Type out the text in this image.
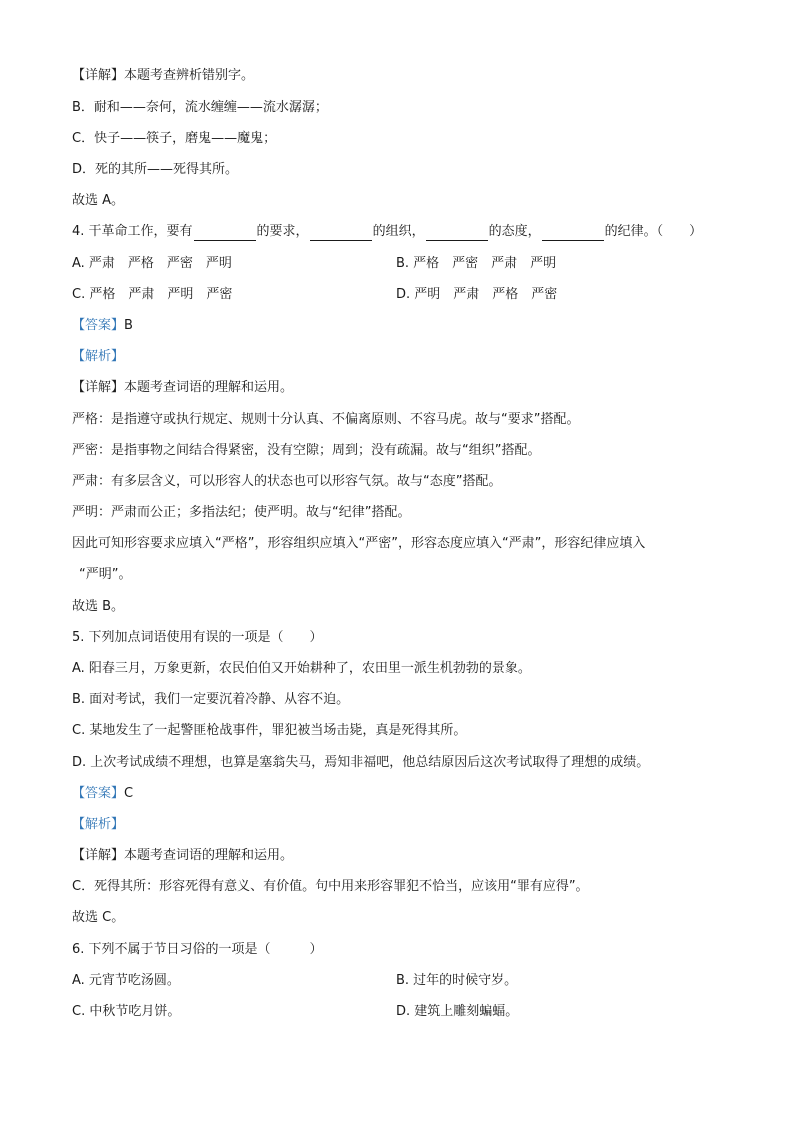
【详解】本题考查辨析错别字。
B．耐和——奈何，流水缠缠——流水潺潺；
C．快子——筷子，磨鬼——魔鬼；
D．死的其所——死得其所。
故选 A。
4. 干革命工作，要有	的要求，	的组织，	的态度，	的纪律。（　　）
A. 严肃　严格　严密　严明	B. 严格　严密　严肃　严明
C. 严格　严肃　严明　严密	D. 严明　严肃　严格　严密
【答案】B
【解析】
【详解】本题考查词语的理解和运用。
严格：是指遵守或执行规定、规则十分认真、不偏离原则、不容马虎。故与“要求”搭配。
严密：是指事物之间结合得紧密，没有空隙；周到；没有疏漏。故与“组织”搭配。
严肃：有多层含义，可以形容人的状态也可以形容气氛。故与“态度”搭配。
严明：严肃而公正；多指法纪；使严明。故与“纪律”搭配。
因此可知形容要求应填入“严格”，形容组织应填入“严密”，形容态度应填入“严肃”，形容纪律应填入
“严明”。
故选 B。
5. 下列加点词语使用有误的一项是（　　）
A. 阳春三月，万象更新，农民伯伯又开始耕种了，农田里一派生机勃勃的景象。
B. 面对考试，我们一定要沉着冷静、从容不迫。
C. 某地发生了一起警匪枪战事件，罪犯被当场击毙，真是死得其所。
D. 上次考试成绩不理想，也算是塞翁失马，焉知非福吧，他总结原因后这次考试取得了理想的成绩。
【答案】C
【解析】
【详解】本题考查词语的理解和运用。
C．死得其所：形容死得有意义、有价值。句中用来形容罪犯不恰当，应该用“罪有应得”。
故选 C。
6. 下列不属于节日习俗的一项是（　　　）
A. 元宵节吃汤圆。	B. 过年的时候守岁。
C. 中秋节吃月饼。	D. 建筑上雕刻蝙蝠。
